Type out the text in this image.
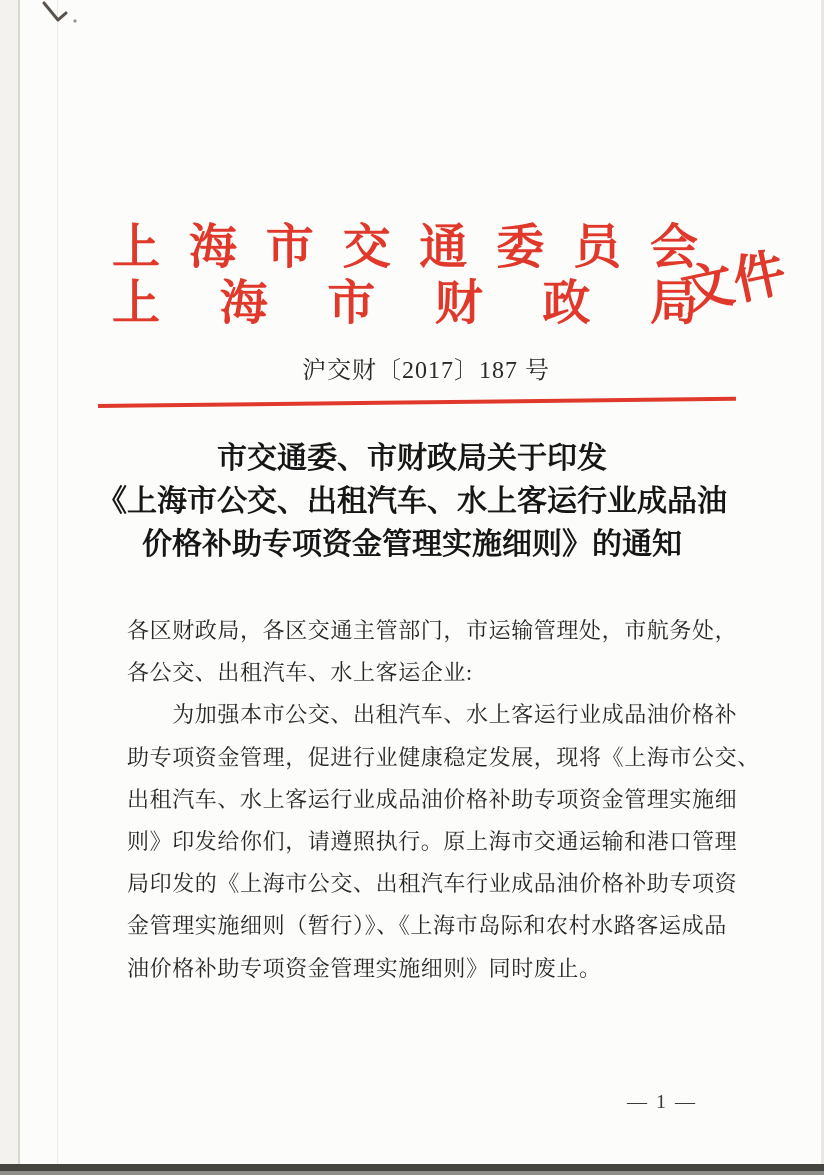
上海市交通委员会
上海市财政局
文件
沪交财〔2017〕187 号
市交通委、市财政局关于印发
《上海市公交、出租汽车、水上客运行业成品油
价格补助专项资金管理实施细则》的通知
各区财政局，各区交通主管部门，市运输管理处，市航务处，
各公交、出租汽车、水上客运企业:
　　为加强本市公交、出租汽车、水上客运行业成品油价格补
助专项资金管理，促进行业健康稳定发展，现将《上海市公交、
出租汽车、水上客运行业成品油价格补助专项资金管理实施细
则》印发给你们，请遵照执行。原上海市交通运输和港口管理
局印发的《上海市公交、出租汽车行业成品油价格补助专项资
金管理实施细则（暂行）》、《上海市岛际和农村水路客运成品
油价格补助专项资金管理实施细则》同时废止。
— 1 —
